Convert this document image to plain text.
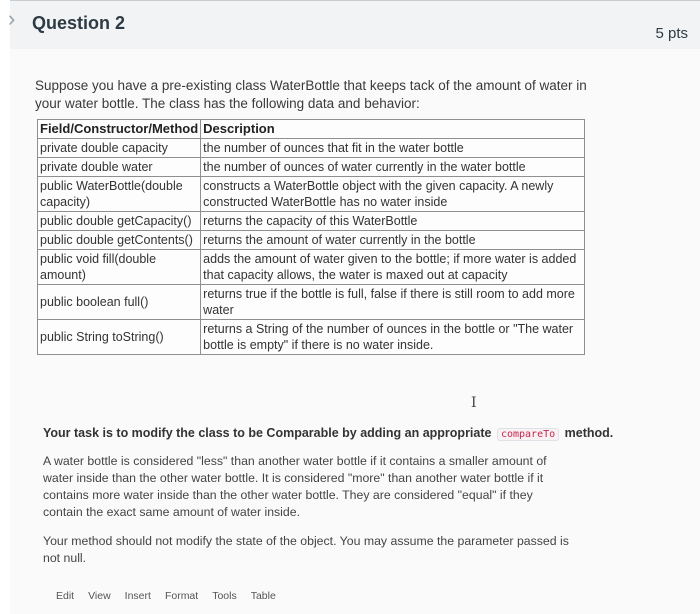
› Question 2
5 pts
Suppose you have a pre-existing class WaterBottle that keeps tack of the amount of water in your water bottle. The class has the following data and behavior:
Field/Constructor/Method	Description
private double capacity	the number of ounces that fit in the water bottle
private double water	the number of ounces of water currently in the water bottle
public WaterBottle(double capacity)	constructs a WaterBottle object with the given capacity. A newly constructed WaterBottle has no water inside
public double getCapacity()	returns the capacity of this WaterBottle
public double getContents()	returns the amount of water currently in the bottle
public void fill(double amount)	adds the amount of water given to the bottle; if more water is added that capacity allows, the water is maxed out at capacity
public boolean full()	returns true if the bottle is full, false if there is still room to add more water
public String toString()	returns a String of the number of ounces in the bottle or "The water bottle is empty" if there is no water inside.
I
Your task is to modify the class to be Comparable by adding an appropriate compareTo method.
A water bottle is considered "less" than another water bottle if it contains a smaller amount of water inside than the other water bottle. It is considered "more" than another water bottle if it contains more water inside than the other water bottle. They are considered "equal" if they contain the exact same amount of water inside.
Your method should not modify the state of the object. You may assume the parameter passed is not null.
Edit View Insert Format Tools Table
